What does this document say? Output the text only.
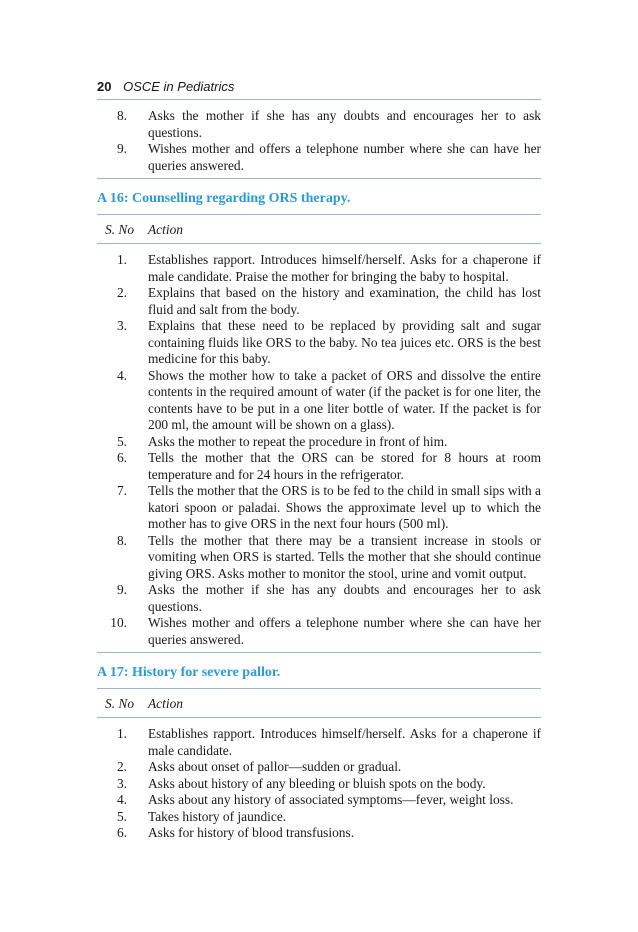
20 OSCE in Pediatrics
8. Asks the mother if she has any doubts and encourages her to ask questions.
9. Wishes mother and offers a telephone number where she can have her queries answered.
A 16: Counselling regarding ORS therapy.
S. No Action
1. Establishes rapport. Introduces himself/herself. Asks for a chaperone if male candidate. Praise the mother for bringing the baby to hospital.
2. Explains that based on the history and examination, the child has lost fluid and salt from the body.
3. Explains that these need to be replaced by providing salt and sugar containing fluids like ORS to the baby. No tea juices etc. ORS is the best medicine for this baby.
4. Shows the mother how to take a packet of ORS and dissolve the entire contents in the required amount of water (if the packet is for one liter, the contents have to be put in a one liter bottle of water. If the packet is for 200 ml, the amount will be shown on a glass).
5. Asks the mother to repeat the procedure in front of him.
6. Tells the mother that the ORS can be stored for 8 hours at room temperature and for 24 hours in the refrigerator.
7. Tells the mother that the ORS is to be fed to the child in small sips with a katori spoon or paladai. Shows the approximate level up to which the mother has to give ORS in the next four hours (500 ml).
8. Tells the mother that there may be a transient increase in stools or vomiting when ORS is started. Tells the mother that she should continue giving ORS. Asks mother to monitor the stool, urine and vomit output.
9. Asks the mother if she has any doubts and encourages her to ask questions.
10. Wishes mother and offers a telephone number where she can have her queries answered.
A 17: History for severe pallor.
S. No Action
1. Establishes rapport. Introduces himself/herself. Asks for a chaperone if male candidate.
2. Asks about onset of pallor—sudden or gradual.
3. Asks about history of any bleeding or bluish spots on the body.
4. Asks about any history of associated symptoms—fever, weight loss.
5. Takes history of jaundice.
6. Asks for history of blood transfusions.
